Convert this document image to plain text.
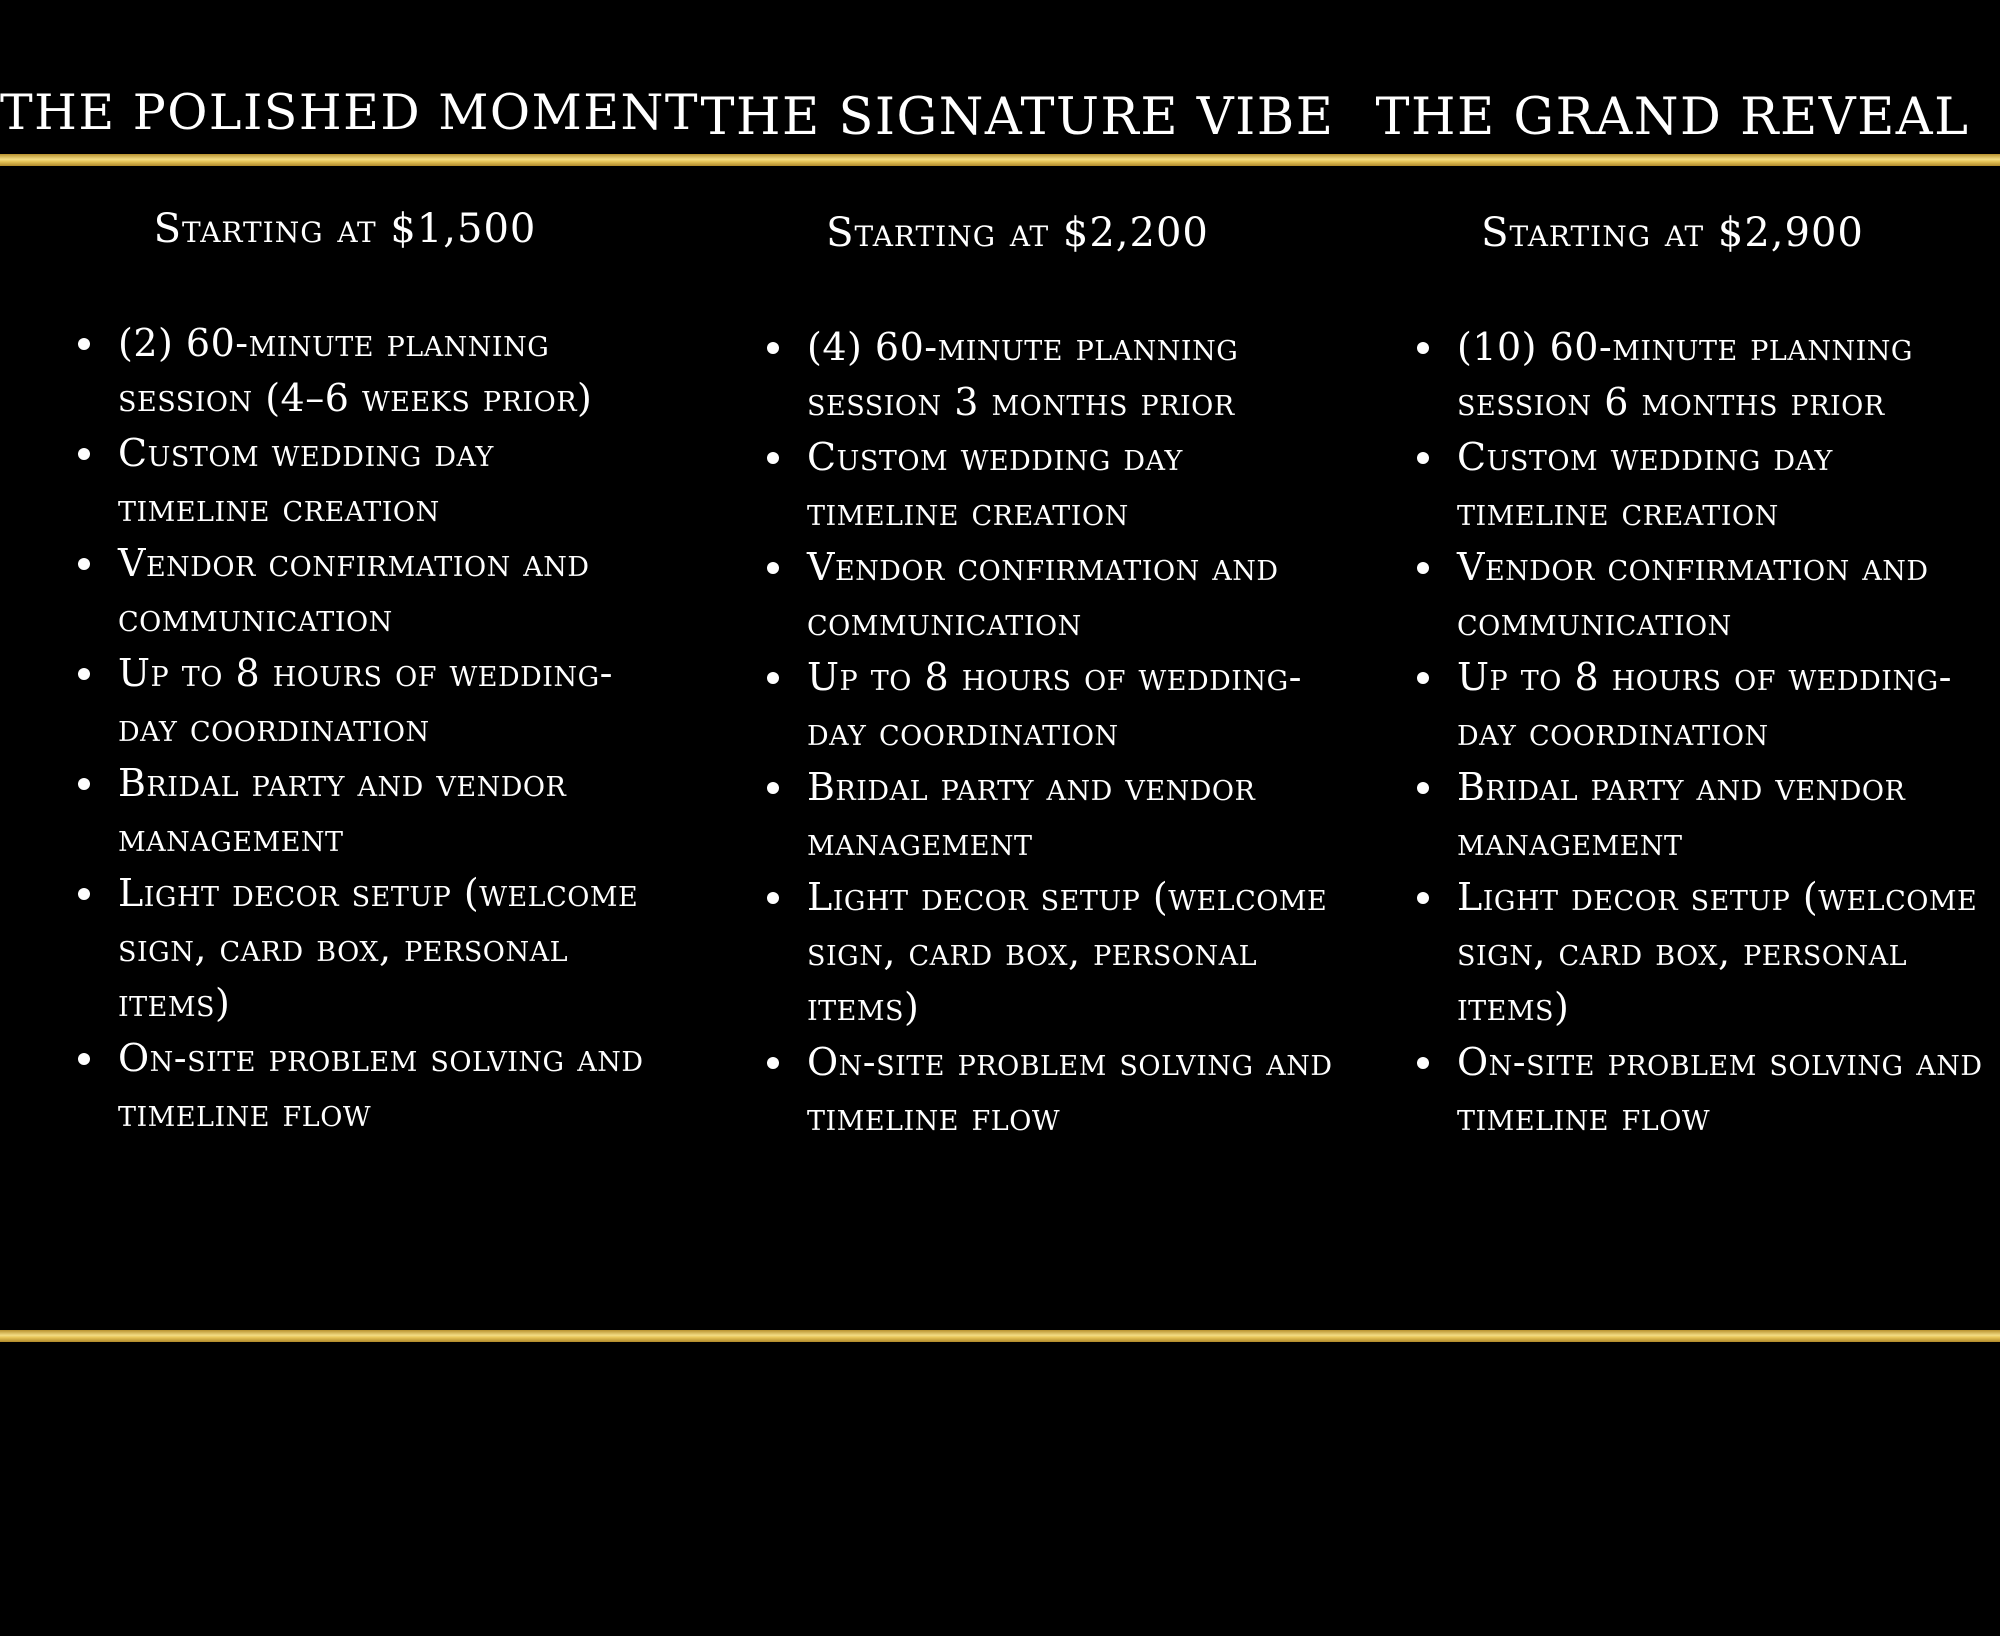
THE POLISHED MOMENT

Starting at $1,500

(2) 60-minute planning session (4–6 weeks prior)
Custom wedding day timeline creation
Vendor confirmation and communication
Up to 8 hours of wedding-day coordination
Bridal party and vendor management
Light decor setup (welcome sign, card box, personal items)
On-site problem solving and timeline flow
THE SIGNATURE VIBE

Starting at $2,200

(4) 60-minute planning session 3 months prior
Custom wedding day timeline creation
Vendor confirmation and communication
Up to 8 hours of wedding-day coordination
Bridal party and vendor management
Light decor setup (welcome sign, card box, personal items)
On-site problem solving and timeline flow
THE GRAND REVEAL

Starting at $2,900

(10) 60-minute planning session 6 months prior
Custom wedding day timeline creation
Vendor confirmation and communication
Up to 8 hours of wedding-day coordination
Bridal party and vendor management
Light decor setup (welcome sign, card box, personal items)
On-site problem solving and timeline flow
